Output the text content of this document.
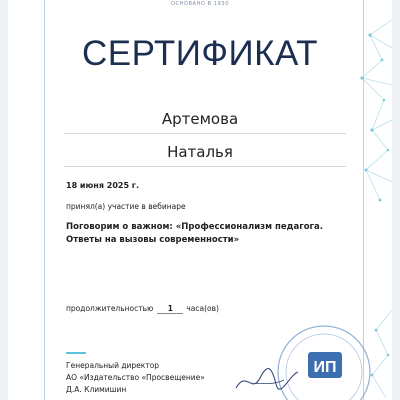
ОСНОВАНО В 1930
СЕРТИФИКАТ
Артемова
Наталья
18 июня 2025 г.
принял(а) участие в вебинаре
Поговорим о важном: «Профессионализм педагога. Ответы на вызовы современности»
продолжительностью 1 часа(ов)
Генеральный директор
АО «Издательство «Просвещение»
Д.А. Климишин
ИП
